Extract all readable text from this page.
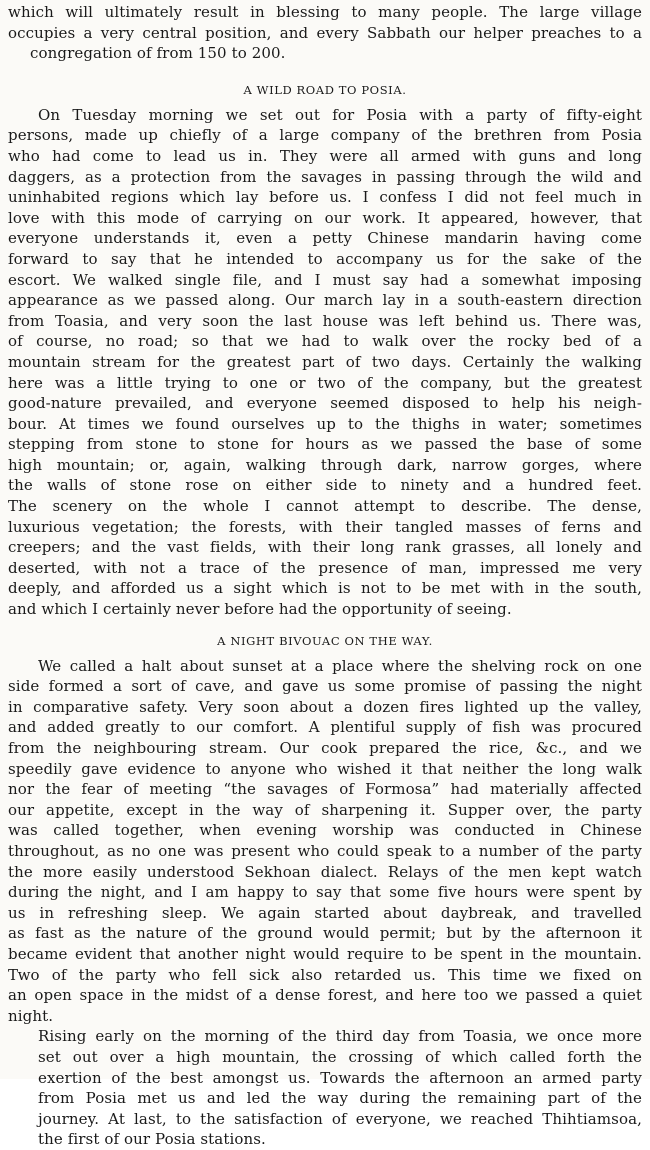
which will ultimately result in blessing to many people. The large village
occupies a very central position, and every Sabbath our helper preaches to a
congregation of from 150 to 200.
A WILD ROAD TO POSIA.
On Tuesday morning we set out for Posia with a party of fifty-eight
persons, made up chiefly of a large company of the brethren from Posia
who had come to lead us in. They were all armed with guns and long
daggers, as a protection from the savages in passing through the wild and
uninhabited regions which lay before us. I confess I did not feel much in
love with this mode of carrying on our work. It appeared, however, that
everyone understands it, even a petty Chinese mandarin having come
forward to say that he intended to accompany us for the sake of the
escort. We walked single file, and I must say had a somewhat imposing
appearance as we passed along. Our march lay in a south-eastern direction
from Toasia, and very soon the last house was left behind us. There was,
of course, no road; so that we had to walk over the rocky bed of a
mountain stream for the greatest part of two days. Certainly the walking
here was a little trying to one or two of the company, but the greatest
good-nature prevailed, and everyone seemed disposed to help his neigh-
bour. At times we found ourselves up to the thighs in water; sometimes
stepping from stone to stone for hours as we passed the base of some
high mountain; or, again, walking through dark, narrow gorges, where
the walls of stone rose on either side to ninety and a hundred feet.
The scenery on the whole I cannot attempt to describe. The dense,
luxurious vegetation; the forests, with their tangled masses of ferns and
creepers; and the vast fields, with their long rank grasses, all lonely and
deserted, with not a trace of the presence of man, impressed me very
deeply, and afforded us a sight which is not to be met with in the south,
and which I certainly never before had the opportunity of seeing.
A NIGHT BIVOUAC ON THE WAY.
We called a halt about sunset at a place where the shelving rock on one
side formed a sort of cave, and gave us some promise of passing the night
in comparative safety. Very soon about a dozen fires lighted up the valley,
and added greatly to our comfort. A plentiful supply of fish was procured
from the neighbouring stream. Our cook prepared the rice, &c., and we
speedily gave evidence to anyone who wished it that neither the long walk
nor the fear of meeting “the savages of Formosa” had materially affected
our appetite, except in the way of sharpening it. Supper over, the party
was called together, when evening worship was conducted in Chinese
throughout, as no one was present who could speak to a number of the party
the more easily understood Sekhoan dialect. Relays of the men kept watch
during the night, and I am happy to say that some five hours were spent by
us in refreshing sleep. We again started about daybreak, and travelled
as fast as the nature of the ground would permit; but by the afternoon it
became evident that another night would require to be spent in the mountain.
Two of the party who fell sick also retarded us. This time we fixed on
an open space in the midst of a dense forest, and here too we passed a quiet
night.
Rising early on the morning of the third day from Toasia, we once more
set out over a high mountain, the crossing of which called forth the
exertion of the best amongst us. Towards the afternoon an armed party
from Posia met us and led the way during the remaining part of the
journey. At last, to the satisfaction of everyone, we reached Thihtiamsoa,
the first of our Posia stations.
